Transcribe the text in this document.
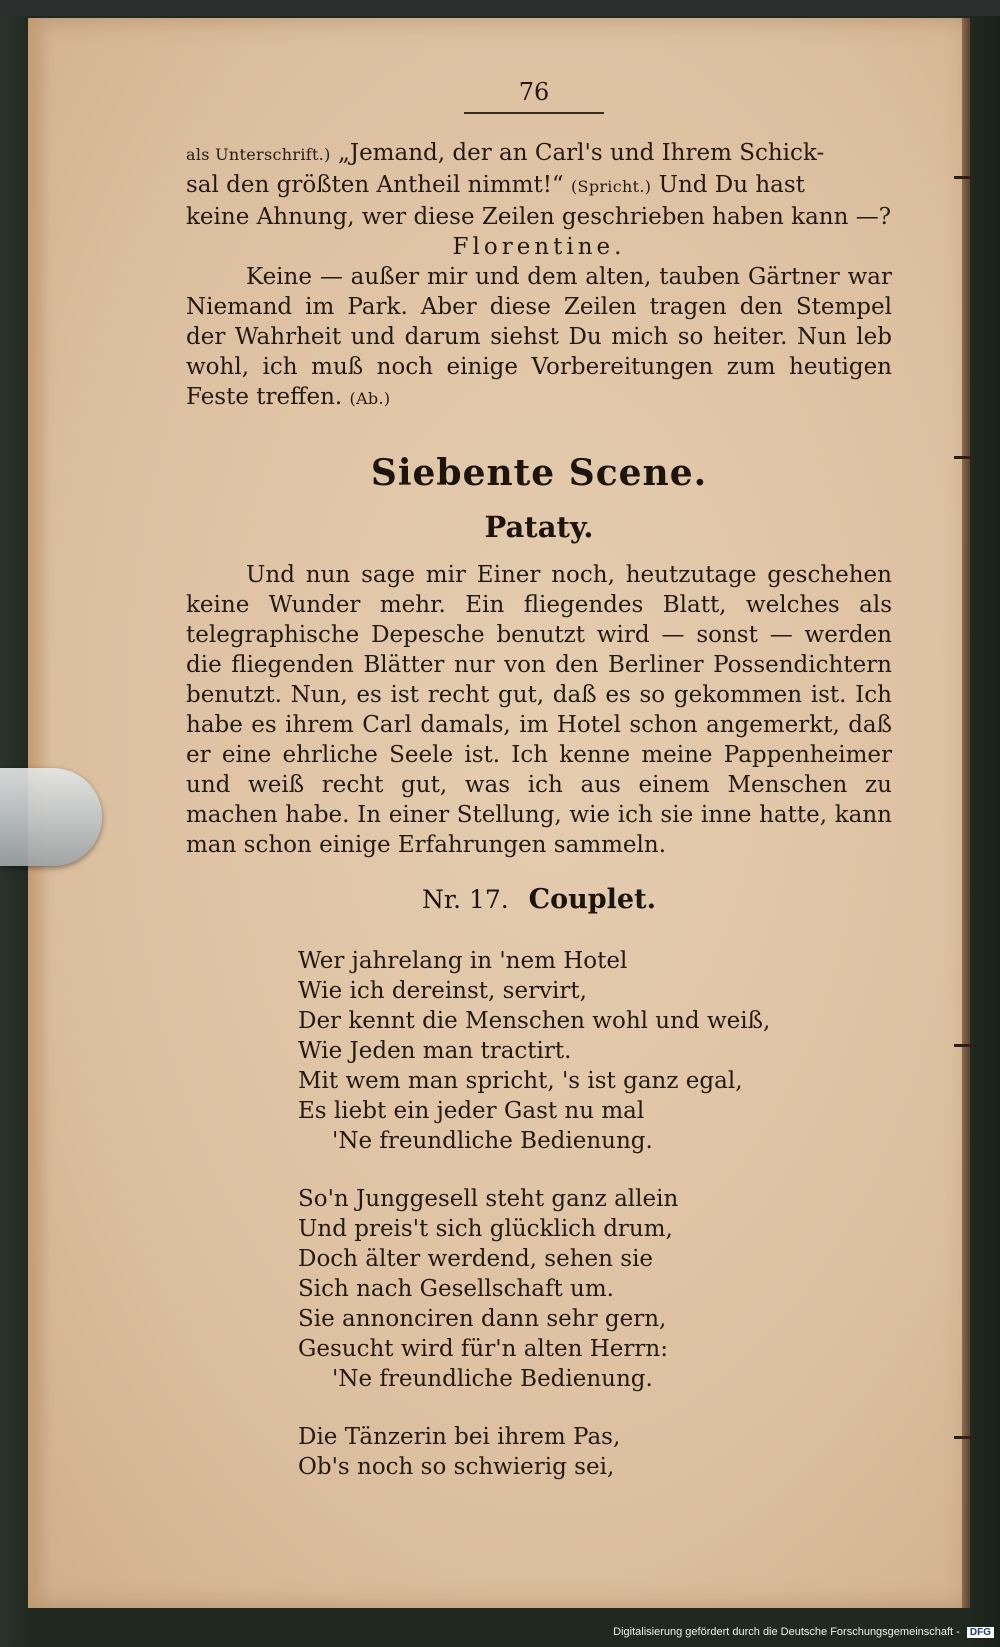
76

als Unterschrift.) „Jemand, der an Carl's und Ihrem Schick-

sal den größten Antheil nimmt!“ (Spricht.) Und Du hast

keine Ahnung, wer diese Zeilen geschrieben haben kann —?

Florentine.

Keine — außer mir und dem alten, tauben Gärtner war Niemand im Park. Aber diese Zeilen tragen den Stempel der Wahrheit und darum siehst Du mich so heiter. Nun leb wohl, ich muß noch einige Vorbereitungen zum heutigen Feste treffen. (Ab.)

Siebente Scene.
Pataty.

Und nun sage mir Einer noch, heutzutage geschehen keine Wunder mehr. Ein fliegendes Blatt, welches als telegraphische Depesche benutzt wird — sonst — werden die fliegenden Blätter nur von den Berliner Possendichtern benutzt. Nun, es ist recht gut, daß es so gekommen ist. Ich habe es ihrem Carl damals, im Hotel schon angemerkt, daß er eine ehrliche Seele ist. Ich kenne meine Pappenheimer und weiß recht gut, was ich aus einem Menschen zu machen habe. In einer Stellung, wie ich sie inne hatte, kann man schon einige Erfahrungen sammeln.

Nr. 17. Couplet.
Wer jahrelang in 'nem Hotel
Wie ich dereinst, servirt,
Der kennt die Menschen wohl und weiß,
Wie Jeden man tractirt.
Mit wem man spricht, 's ist ganz egal,
Es liebt ein jeder Gast nu mal
'Ne freundliche Bedienung.
So'n Junggesell steht ganz allein
Und preis't sich glücklich drum,
Doch älter werdend, sehen sie
Sich nach Gesellschaft um.
Sie annonciren dann sehr gern,
Gesucht wird für'n alten Herrn:
'Ne freundliche Bedienung.
Die Tänzerin bei ihrem Pas,
Ob's noch so schwierig sei,
Digitalisierung gefördert durch die Deutsche Forschungsgemeinschaft - DFG
